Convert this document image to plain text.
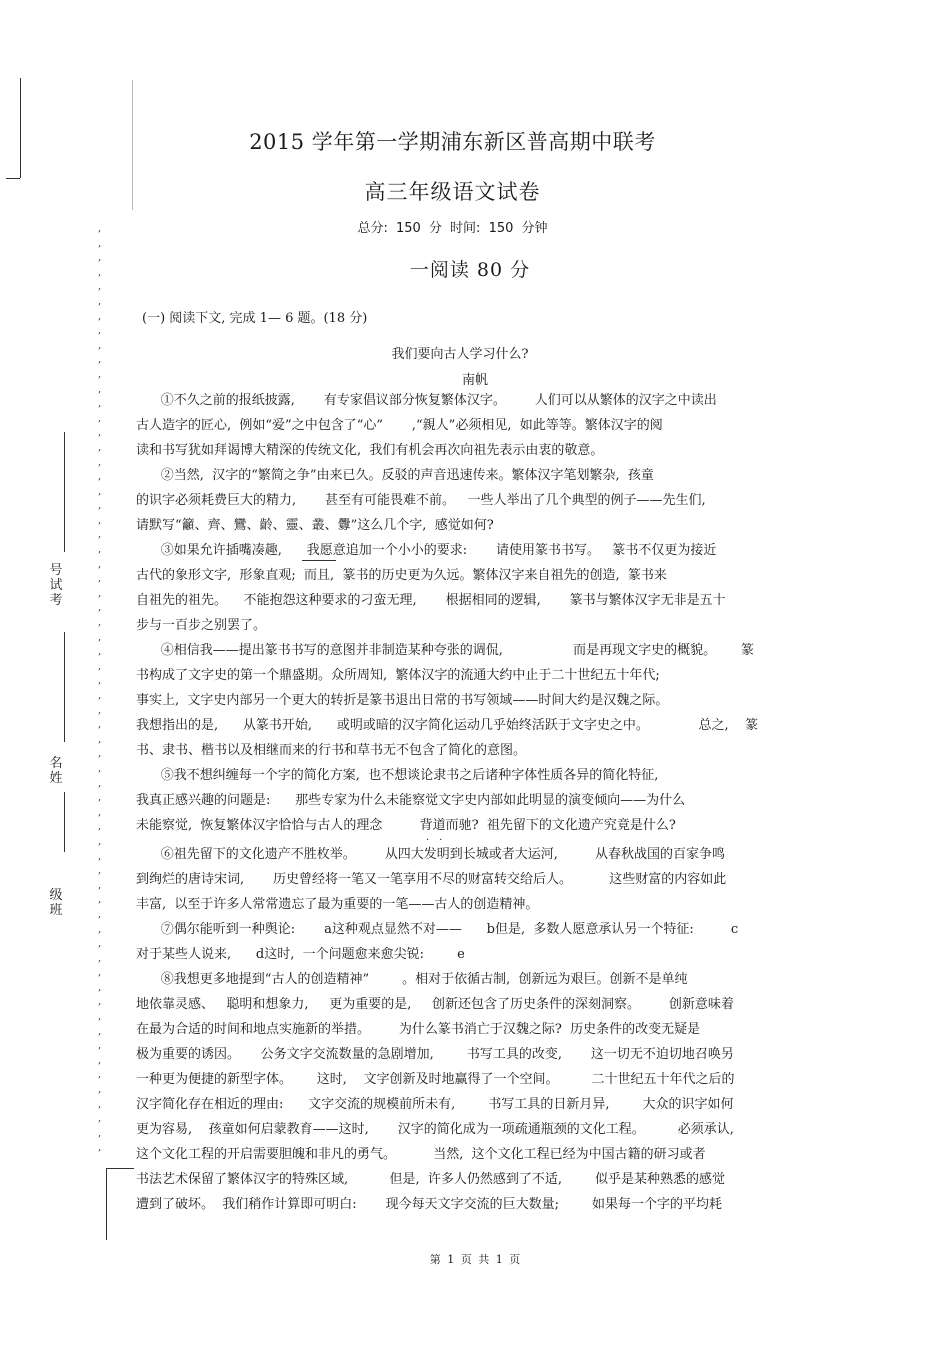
,
,
,
,
,
,
,
,
,
,
,
,
,
,
,
,
,
,
,
,
,
,
,
,
,
,
,
,
,
,
,
,
,
,
,
,
,
,
,
,
,
,
,
,
,
,
,
,
,
,
,
,
,
,
,
,
,
,
,
,
,
,
,
,
号试考
名姓
级班
2015 学年第一学期浦东新区普高期中联考
高三年级语文试卷
总分: 150 分 时间: 150 分钟
一阅读 80 分
(一) 阅读下文, 完成 1— 6 题。(18 分)
我们要向古人学习什么?
南帆
①不久之前的报纸披露,       有专家倡议部分恢复繁体汉字。       人们可以从繁体的汉字之中读出
古人造字的匠心,  例如“爱”之中包含了“心”       ,“親人”必须相见,  如此等等。繁体汉字的阅
读和书写犹如拜谒博大精深的传统文化,  我们有机会再次向祖先表示由衷的敬意。
②当然,  汉字的“繁简之争”由来已久。反驳的声音迅速传来。繁体汉字笔划繁杂,  孩童
的识字必须耗费巨大的精力,       甚至有可能畏难不前。   一些人举出了几个典型的例子——先生们,
请默写“籲、齊、鸞、齡、靈、叢、釁”这么几个字,  感觉如何?
③如果允许插嘴凑趣,      我愿意追加一个小小的要求:       请使用篆书书写。   篆书不仅更为接近
古代的象形文字,  形象直观;  而且,  篆书的历史更为久远。繁体汉字来自祖先的创造,  篆书来
自祖先的祖先。    不能抱怨这种要求的刁蛮无理,       根据相同的逻辑,       篆书与繁体汉字无非是五十
步与一百步之别罢了。
④相信我——提出篆书书写的意图并非制造某种夸张的调侃,                 而是再现文字史的概貌。      篆
书构成了文字史的第一个鼎盛期。众所周知,  繁体汉字的流通大约中止于二十世纪五十年代;
事实上,  文字史内部另一个更大的转折是篆书退出日常的书写领域——时间大约是汉魏之际。
我想指出的是,      从篆书开始,      或明或暗的汉字简化运动几乎始终活跃于文字史之中。            总之,    篆
书、隶书、楷书以及相继而来的行书和草书无不包含了简化的意图。
⑤我不想纠缠每一个字的简化方案,  也不想谈论隶书之后诸种字体性质各异的简化特征,
我真正感兴趣的问题是:      那些专家为什么未能察觉文字史内部如此明显的演变倾向——为什么
未能察觉,  恢复繁体汉字恰恰与古人的理念         背道而驰?  祖先留下的文化遗产究竟是什么?
..
⑥祖先留下的文化遗产不胜枚举。       从四大发明到长城或者大运河,         从春秋战国的百家争鸣
到绚烂的唐诗宋词,       历史曾经将一笔又一笔享用不尽的财富转交给后人。         这些财富的内容如此
丰富,  以至于许多人常常遗忘了最为重要的一笔——古人的创造精神。
⑦偶尔能听到一种舆论:       a这种观点显然不对——      b但是,  多数人愿意承认另一个特征:         c
对于某些人说来,      d这时,  一个问题愈来愈尖锐:        e
⑧我想更多地提到“古人的创造精神”        。相对于依循古制,  创新远为艰巨。创新不是单纯
地依靠灵感、   聪明和想象力,     更为重要的是,     创新还包含了历史条件的深刻洞察。       创新意味着
在最为合适的时间和地点实施新的举措。       为什么篆书消亡于汉魏之际?  历史条件的改变无疑是
极为重要的诱因。     公务文字交流数量的急剧增加,        书写工具的改变,       这一切无不迫切地召唤另
一种更为便捷的新型字体。      这时,    文字创新及时地赢得了一个空间。        二十世纪五十年代之后的
汉字简化存在相近的理由:      文字交流的规模前所未有,        书写工具的日新月异,        大众的识字如何
更为容易,    孩童如何启蒙教育——这时,       汉字的简化成为一项疏通瓶颈的文化工程。        必须承认,
这个文化工程的开启需要胆魄和非凡的勇气。         当然,  这个文化工程已经为中国古籍的研习或者
书法艺术保留了繁体汉字的特殊区域,          但是,  许多人仍然感到了不适,        似乎是某种熟悉的感觉
遭到了破坏。  我们稍作计算即可明白:       现今每天文字交流的巨大数量;        如果每一个字的平均耗
第 1 页 共 1 页
